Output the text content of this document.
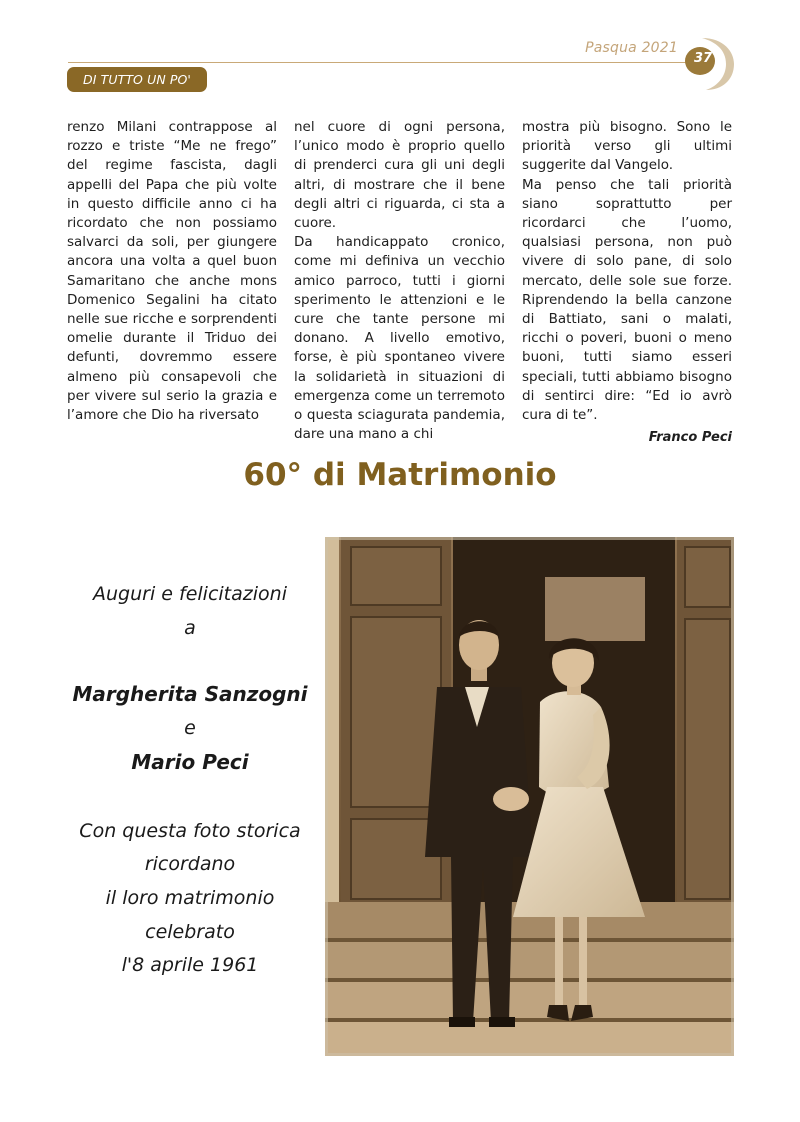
Pasqua 2021
37
DI TUTTO UN PO'

renzo Milani contrappose al rozzo e triste “Me ne frego” del regime fascista, dagli appelli del Papa che più volte in questo difficile anno ci ha ricordato che non possiamo salvarci da soli, per giungere ancora una volta a quel buon Samaritano che anche mons Domenico Segalini ha citato nelle sue ricche e sorprendenti omelie durante il Triduo dei defunti, dovremmo essere almeno più consapevoli che per vivere sul serio la grazia e l’amore che Dio ha riversato

nel cuore di ogni persona, l’unico modo è proprio quello di prenderci cura gli uni degli altri, di mostrare che il bene degli altri ci riguarda, ci sta a cuore.

Da handicappato cronico, come mi definiva un vecchio amico parroco, tutti i giorni sperimento le attenzioni e le cure che tante persone mi donano. A livello emotivo, forse, è più spontaneo vivere la solidarietà in situazioni di emergenza come un terremoto o questa sciagurata pandemia, dare una mano a chi

mostra più bisogno. Sono le priorità verso gli ultimi suggerite dal Vangelo.

Ma penso che tali priorità siano soprattutto per ricordarci che l’uomo, qualsiasi persona, non può vivere di solo pane, di solo mercato, delle sole sue forze. Riprendendo la bella canzone di Battiato, sani o malati, ricchi o poveri, buoni o meno buoni, tutti siamo esseri speciali, tutti abbiamo bisogno di sentirci dire: “Ed io avrò cura di te”.

Franco Peci
60° di Matrimonio
Auguri e felicitazioni
a
Margherita Sanzogni
e
Mario Peci
Con questa foto storica
ricordano
il loro matrimonio
celebrato
l'8 aprile 1961
